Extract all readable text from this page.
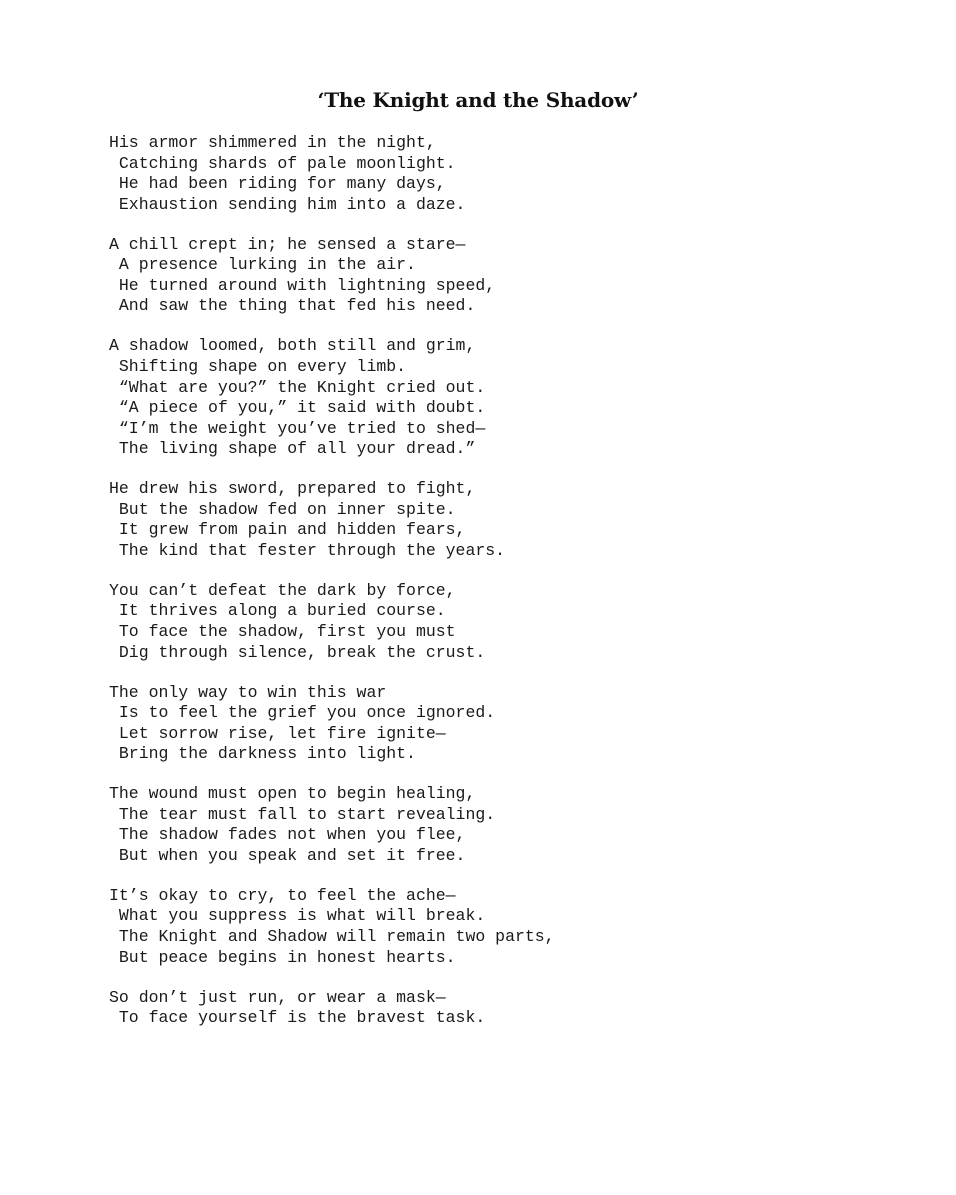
‘The Knight and the Shadow’
His armor shimmered in the night,
Catching shards of pale moonlight.
He had been riding for many days,
Exhaustion sending him into a daze.
A chill crept in; he sensed a stare—
A presence lurking in the air.
He turned around with lightning speed,
And saw the thing that fed his need.
A shadow loomed, both still and grim,
Shifting shape on every limb.
“What are you?” the Knight cried out.
“A piece of you,” it said with doubt.
“I’m the weight you’ve tried to shed—
The living shape of all your dread.”
He drew his sword, prepared to fight,
But the shadow fed on inner spite.
It grew from pain and hidden fears,
The kind that fester through the years.
You can’t defeat the dark by force,
It thrives along a buried course.
To face the shadow, first you must
Dig through silence, break the crust.
The only way to win this war
Is to feel the grief you once ignored.
Let sorrow rise, let fire ignite—
Bring the darkness into light.
The wound must open to begin healing,
The tear must fall to start revealing.
The shadow fades not when you flee,
But when you speak and set it free.
It’s okay to cry, to feel the ache—
What you suppress is what will break.
The Knight and Shadow will remain two parts,
But peace begins in honest hearts.
So don’t just run, or wear a mask—
To face yourself is the bravest task.
